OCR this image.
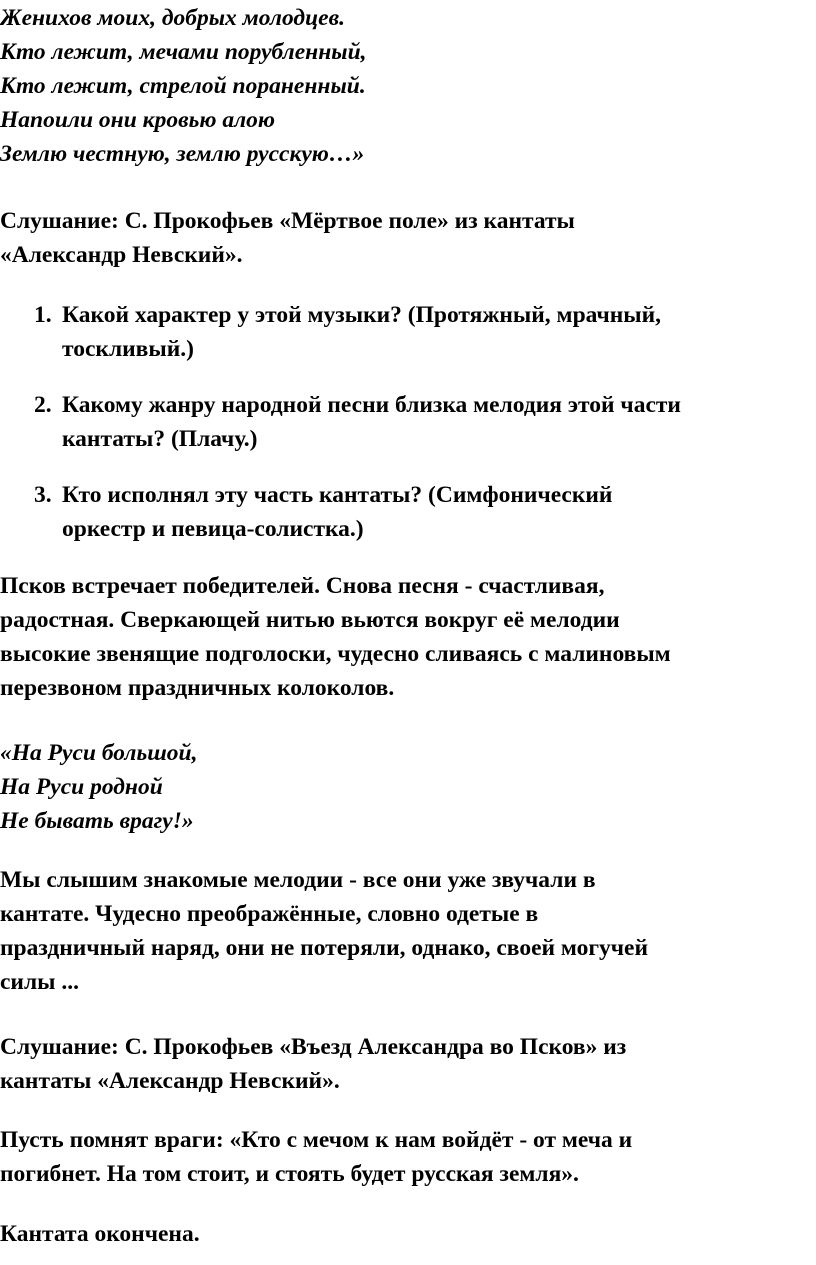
Женихов моих, добрых молодцев.
Кто лежит, мечами порубленный,
Кто лежит, стрелой пораненный.
Напоили они кровью алою
Землю честную, землю русскую…»
Слушание: С. Прокофьев «Мёртвое поле» из кантаты
«Александр Невский».
1. Какой характер у этой музыки? (Протяжный, мрачный,
тоскливый.)
2. Какому жанру народной песни близка мелодия этой части
кантаты? (Плачу.)
3. Кто исполнял эту часть кантаты? (Симфонический
оркестр и певица-солистка.)
Псков встречает победителей. Снова песня - счастливая,
радостная. Сверкающей нитью вьются вокруг её мелодии
высокие звенящие подголоски, чудесно сливаясь с малиновым
перезвоном праздничных колоколов.
«На Руси большой,
На Руси родной
Не бывать врагу!»
Мы слышим знакомые мелодии - все они уже звучали в
кантате. Чудесно преображённые, словно одетые в
праздничный наряд, они не потеряли, однако, своей могучей
силы ...
Слушание: С. Прокофьев «Въезд Александра во Псков» из
кантаты «Александр Невский».
Пусть помнят враги: «Кто с мечом к нам войдёт - от меча и
погибнет. На том стоит, и стоять будет русская земля».
Кантата окончена.
